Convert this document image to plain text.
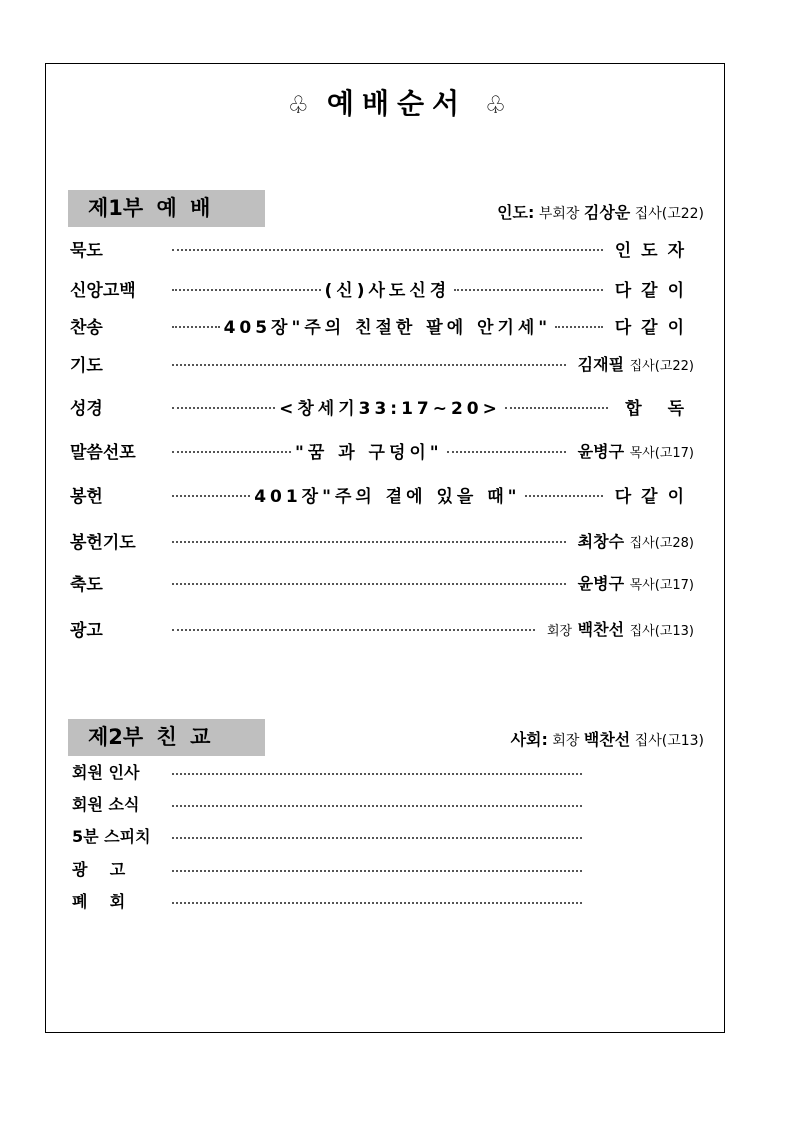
♧ 예배순서 ♧
제1부 예 배	인도: 부회장 김상운 집사(고22)
묵도	인도자
신앙고백	(신)사도신경	다같이
찬송	405장"주의 친절한 팔에 안기세"	다같이
기도	김재필 집사(고22)
성경	<창세기33:17~20>	합 독
말씀선포	"꿈 과 구덩이"	윤병구 목사(고17)
봉헌	401장"주의 곁에 있을 때"	다같이
봉헌기도	최창수 집사(고28)
축도	윤병구 목사(고17)
광고	회장 백찬선 집사(고13)
제2부 친 교	사회: 회장 백찬선 집사(고13)
회원 인사
회원 소식
5분 스피치
광    고
폐    회
